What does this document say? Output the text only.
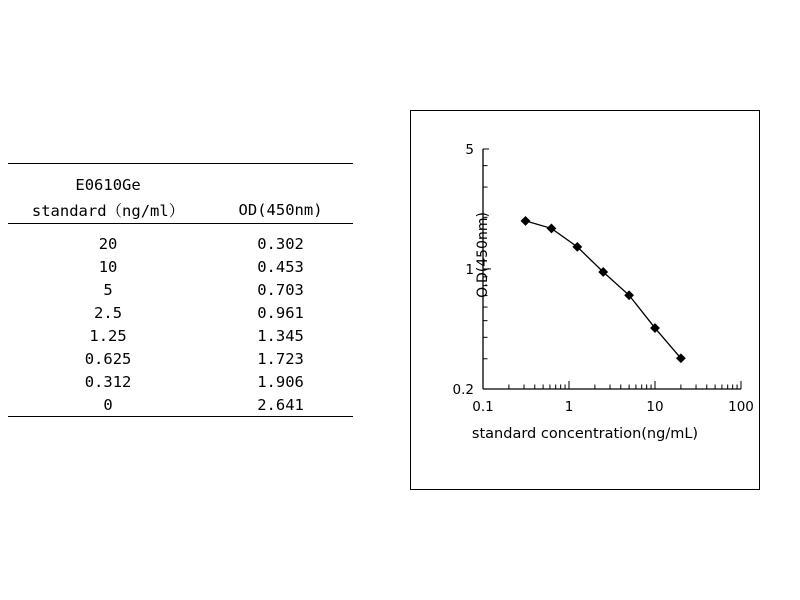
E0610Ge	
standard（ng/ml）	OD(450nm)

20	0.302
10	0.453
5	0.703
2.5	0.961
1.25	1.345
0.625	1.723
0.312	1.906
0	2.641

O.D(450nm)
0.1	1	10	100
0.2
1
5
standard concentration(ng/mL)
